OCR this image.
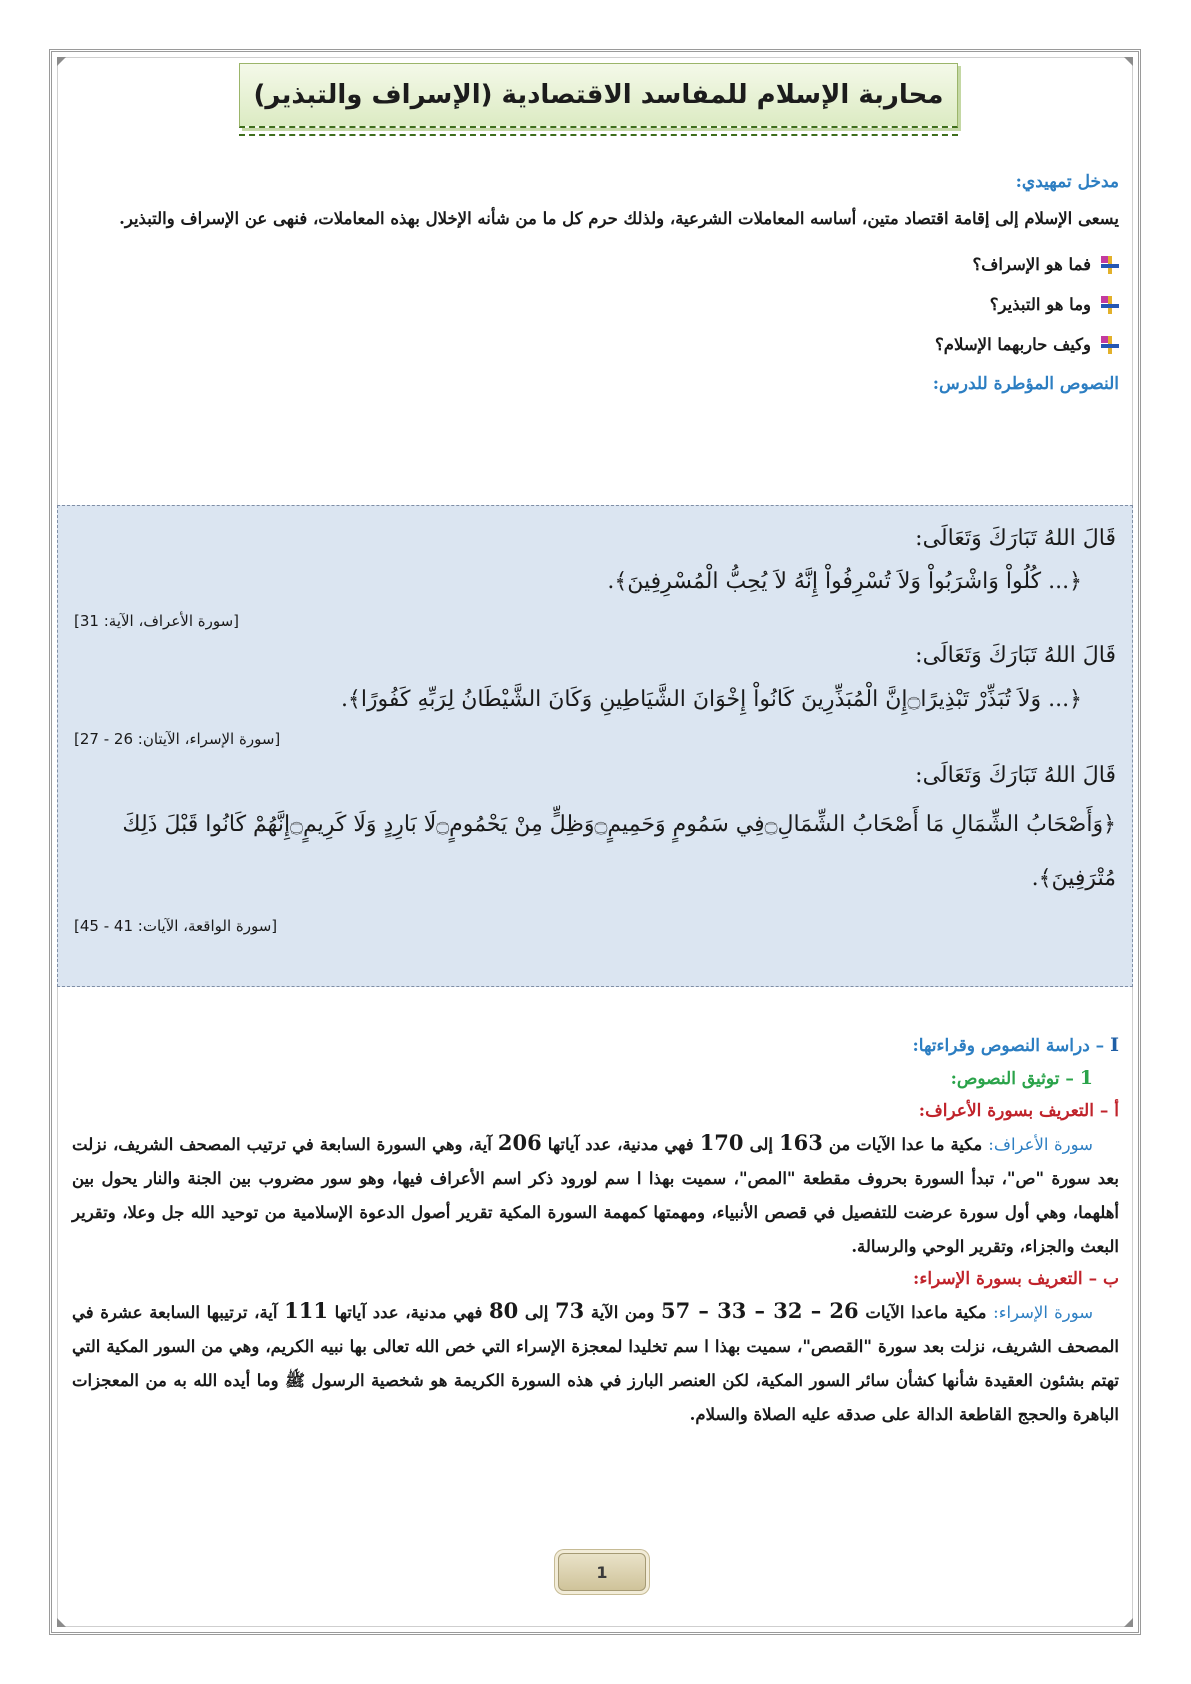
محاربة الإسلام للمفاسد الاقتصادية (الإسراف والتبذير)
مدخل تمهيدي:
يسعى الإسلام إلى إقامة اقتصاد متين، أساسه المعاملات الشرعية، ولذلك حرم كل ما من شأنه الإخلال بهذه المعاملات، فنهى عن الإسراف والتبذير.
فما هو الإسراف؟
وما هو التبذير؟
وكيف حاربهما الإسلام؟
النصوص المؤطرة للدرس:
قَالَ اللهُ تَبَارَكَ وَتَعَالَى:
﴿... كُلُواْ وَاشْرَبُواْ وَلاَ تُسْرِفُواْ إِنَّهُ لاَ يُحِبُّ الْمُسْرِفِينَ﴾.
[سورة الأعراف، الآية: 31]
قَالَ اللهُ تَبَارَكَ وَتَعَالَى:
﴿... وَلاَ تُبَذِّرْ تَبْذِيرًا۝إِنَّ الْمُبَذِّرِينَ كَانُواْ إِخْوَانَ الشَّيَاطِينِ وَكَانَ الشَّيْطَانُ لِرَبِّهِ كَفُورًا﴾.
[سورة الإسراء، الآيتان: 26 - 27]
قَالَ اللهُ تَبَارَكَ وَتَعَالَى:
﴿وَأَصْحَابُ الشِّمَالِ مَا أَصْحَابُ الشِّمَالِ۝فِي سَمُومٍ وَحَمِيمٍ۝وَظِلٍّ مِنْ يَحْمُومٍ۝لَا بَارِدٍ وَلَا كَرِيمٍ۝إِنَّهُمْ كَانُوا قَبْلَ ذَلِكَ مُتْرَفِينَ﴾.
[سورة الواقعة، الآيات: 41 - 45]
I – دراسة النصوص وقراءتها:
1 – توثيق النصوص:
أ – التعريف بسورة الأعراف:
سورة الأعراف: مكية ما عدا الآيات من 163 إلى 170 فهي مدنية، عدد آياتها 206 آية، وهي السورة السابعة في ترتيب المصحف الشريف، نزلت بعد سورة "ص"، تبدأ السورة بحروف مقطعة "المص"، سميت بهذا ا سم لورود ذكر اسم الأعراف فيها، وهو سور مضروب بين الجنة والنار يحول بين أهلهما، وهي أول سورة عرضت للتفصيل في قصص الأنبياء، ومهمتها كمهمة السورة المكية تقرير أصول الدعوة الإسلامية من توحيد الله جل وعلا، وتقرير البعث والجزاء، وتقرير الوحي والرسالة.
ب – التعريف بسورة الإسراء:
سورة الإسراء: مكية ماعدا الآيات 26 – 32 – 33 – 57 ومن الآية 73 إلى 80 فهي مدنية، عدد آياتها 111 آية، ترتيبها السابعة عشرة في المصحف الشريف، نزلت بعد سورة "القصص"، سميت بهذا ا سم تخليدا لمعجزة الإسراء التي خص الله تعالى بها نبيه الكريم، وهي من السور المكية التي تهتم بشئون العقيدة شأنها كشأن سائر السور المكية، لكن العنصر البارز في هذه السورة الكريمة هو شخصية الرسول ﷺ وما أيده الله به من المعجزات الباهرة والحجج القاطعة الدالة على صدقه عليه الصلاة والسلام.
1
